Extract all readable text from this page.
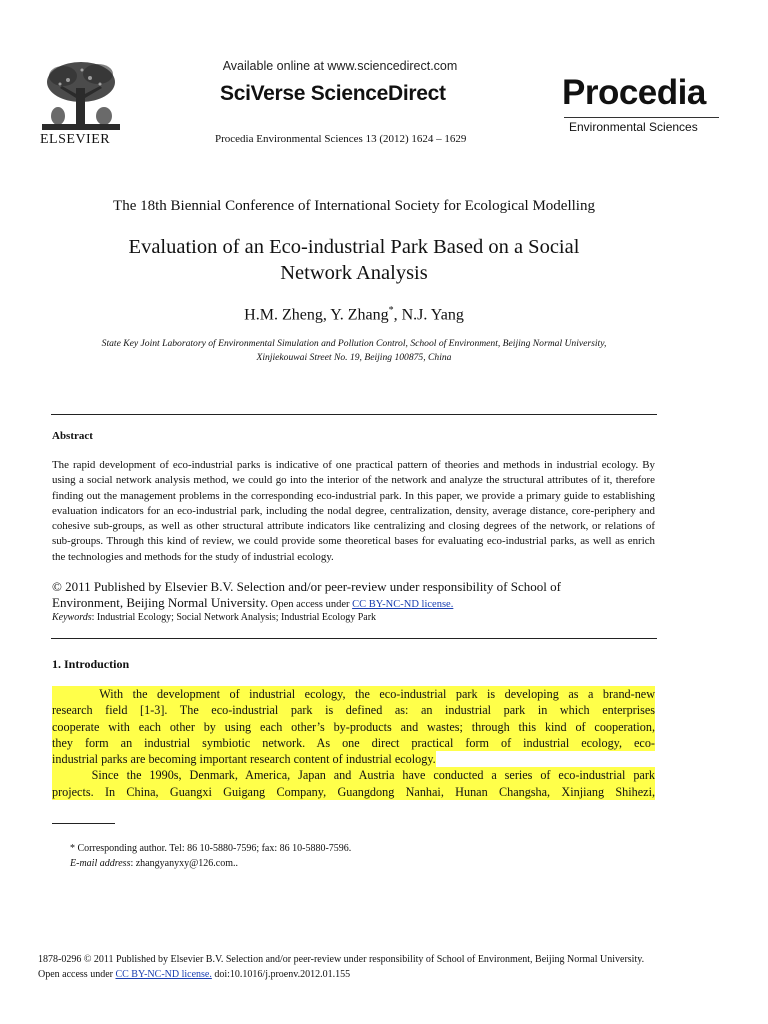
ELSEVIER
Available online at www.sciencedirect.com
SciVerse ScienceDirect
Procedia Environmental Sciences 13 (2012) 1624 – 1629
Procedia
Environmental Sciences
The 18th Biennial Conference of International Society for Ecological Modelling
Evaluation of an Eco-industrial Park Based on a Social
Network Analysis
H.M. Zheng, Y. Zhang*, N.J. Yang
State Key Joint Laboratory of Environmental Simulation and Pollution Control, School of Environment, Beijing Normal University,
Xinjiekouwai Street No. 19, Beijing 100875, China
Abstract
The rapid development of eco-industrial parks is indicative of one practical pattern of theories and methods in industrial ecology. By using a social network analysis method, we could go into the interior of the network and analyze the structural attributes of it, therefore finding out the management problems in the corresponding eco-industrial park. In this paper, we provide a primary guide to establishing evaluation indicators for an eco-industrial park, including the nodal degree, centralization, density, average distance, core-periphery and cohesive sub-groups, as well as other structural attribute indicators like centralizing and closing degrees of the network, or relations of sub-groups. Through this kind of review, we could provide some theoretical bases for evaluating eco-industrial parks, as well as enrich the technologies and methods for the study of industrial ecology.
© 2011 Published by Elsevier B.V. Selection and/or peer-review under responsibility of School of
Environment, Beijing Normal University. Open access under CC BY-NC-ND license.
Keywords: Industrial Ecology; Social Network Analysis; Industrial Ecology Park
1. Introduction
With the development of industrial ecology, the eco-industrial park is developing as a brand-new
research field [1-3]. The eco-industrial park is defined as: an industrial park in which enterprises
cooperate with each other by using each other’s by-products and wastes; through this kind of cooperation,
they form an industrial symbiotic network. As one direct practical form of industrial ecology, eco-
industrial parks are becoming important research content of industrial ecology.
Since the 1990s, Denmark, America, Japan and Austria have conducted a series of eco-industrial park
projects. In China, Guangxi Guigang Company, Guangdong Nanhai, Hunan Changsha, Xinjiang Shihezi,
* Corresponding author. Tel: 86 10-5880-7596; fax: 86 10-5880-7596.
E-mail address: zhangyanyxy@126.com..
1878-0296 © 2011 Published by Elsevier B.V. Selection and/or peer-review under responsibility of School of Environment, Beijing Normal University.
Open access under CC BY-NC-ND license. doi:10.1016/j.proenv.2012.01.155
